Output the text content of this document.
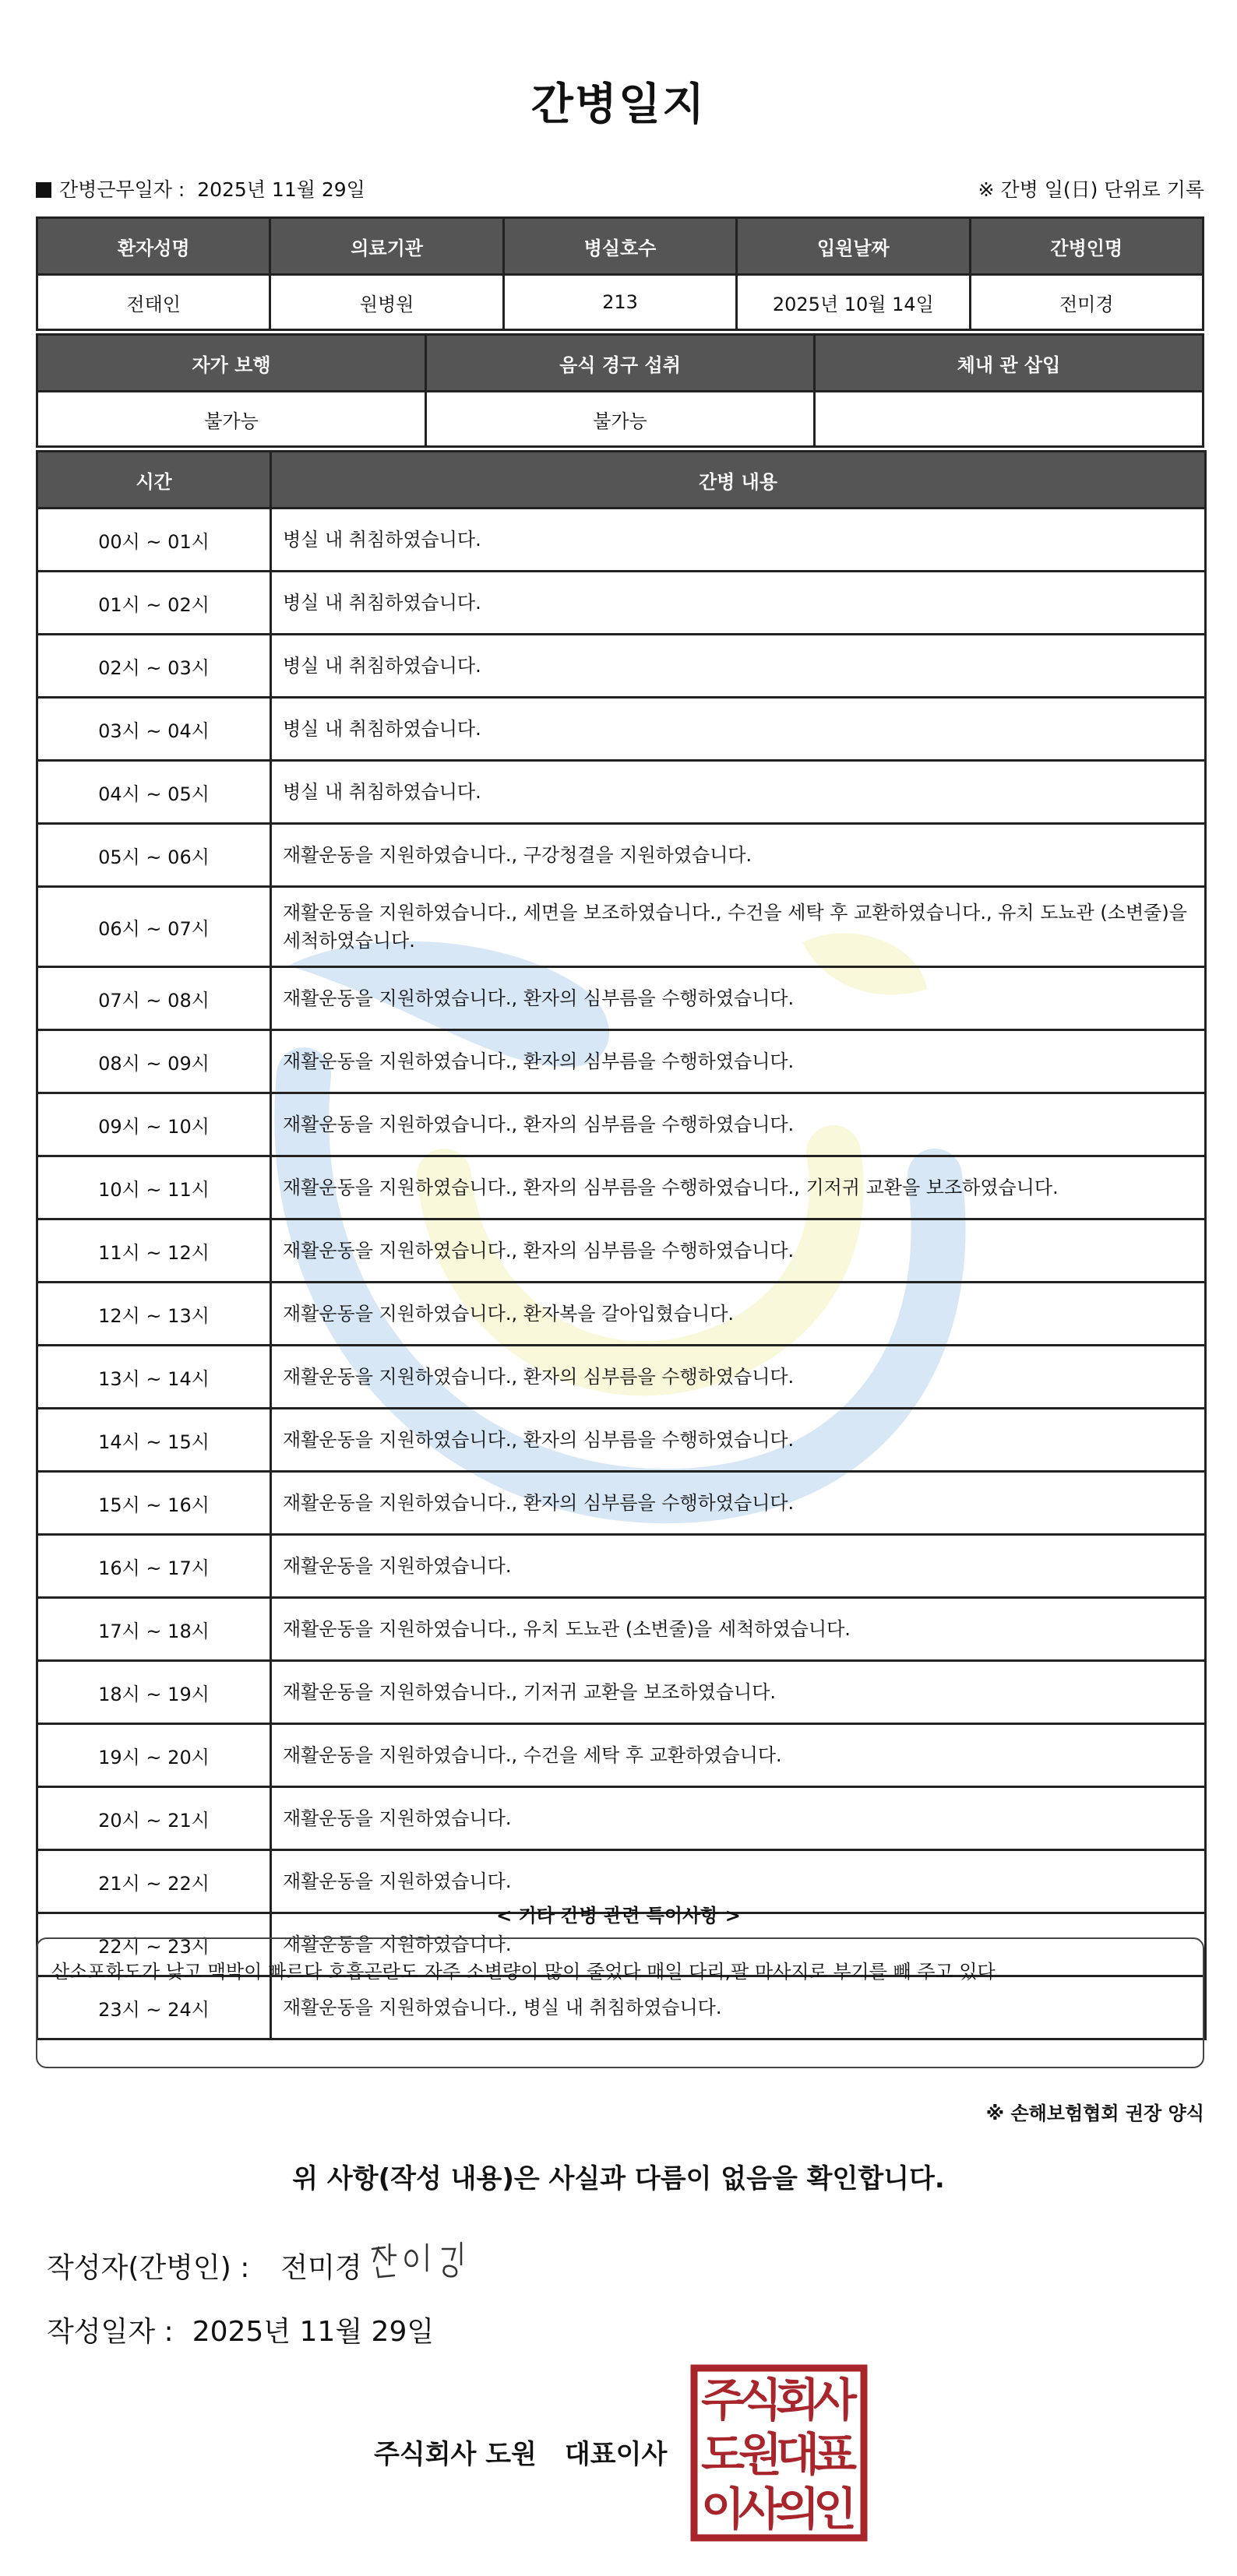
간병일지
간병근무일자 : 2025년 11월 29일	※ 간병 일(日) 단위로 기록
환자성명	의료기관	병실호수	입원날짜	간병인명
전태인	원병원	213	2025년 10월 14일	전미경
자가 보행	음식 경구 섭취	체내 관 삽입
불가능	불가능	
시간	간병 내용
00시 ~ 01시	병실 내 취침하였습니다.
01시 ~ 02시	병실 내 취침하였습니다.
02시 ~ 03시	병실 내 취침하였습니다.
03시 ~ 04시	병실 내 취침하였습니다.
04시 ~ 05시	병실 내 취침하였습니다.
05시 ~ 06시	재활운동을 지원하였습니다., 구강청결을 지원하였습니다.
06시 ~ 07시	재활운동을 지원하였습니다., 세면을 보조하였습니다., 수건을 세탁 후 교환하였습니다., 유치 도뇨관 (소변줄)을 세척하였습니다.
07시 ~ 08시	재활운동을 지원하였습니다., 환자의 심부름을 수행하였습니다.
08시 ~ 09시	재활운동을 지원하였습니다., 환자의 심부름을 수행하였습니다.
09시 ~ 10시	재활운동을 지원하였습니다., 환자의 심부름을 수행하였습니다.
10시 ~ 11시	재활운동을 지원하였습니다., 환자의 심부름을 수행하였습니다., 기저귀 교환을 보조하였습니다.
11시 ~ 12시	재활운동을 지원하였습니다., 환자의 심부름을 수행하였습니다.
12시 ~ 13시	재활운동을 지원하였습니다., 환자복을 갈아입혔습니다.
13시 ~ 14시	재활운동을 지원하였습니다., 환자의 심부름을 수행하였습니다.
14시 ~ 15시	재활운동을 지원하였습니다., 환자의 심부름을 수행하였습니다.
15시 ~ 16시	재활운동을 지원하였습니다., 환자의 심부름을 수행하였습니다.
16시 ~ 17시	재활운동을 지원하였습니다.
17시 ~ 18시	재활운동을 지원하였습니다., 유치 도뇨관 (소변줄)을 세척하였습니다.
18시 ~ 19시	재활운동을 지원하였습니다., 기저귀 교환을 보조하였습니다.
19시 ~ 20시	재활운동을 지원하였습니다., 수건을 세탁 후 교환하였습니다.
20시 ~ 21시	재활운동을 지원하였습니다.
21시 ~ 22시	재활운동을 지원하였습니다.
22시 ~ 23시	재활운동을 지원하였습니다.
23시 ~ 24시	재활운동을 지원하였습니다., 병실 내 취침하였습니다.
< 기타 간병 관련 특이사항 >
산소포화도가 낮고 맥박이 빠르다 호흡곤란도 자주 소변량이 많이 줄었다 매일 다리,팔 마사지로 부기를 빼 주고 있다
※ 손해보험협회 권장 양식
위 사항(작성 내용)은 사실과 다름이 없음을 확인합니다.
작성자(간병인) : 전미경
작성일자 : 2025년 11월 29일
주식회사 도원 대표이사
주
식
회
사
도
원
대
표
이
사
의
인
